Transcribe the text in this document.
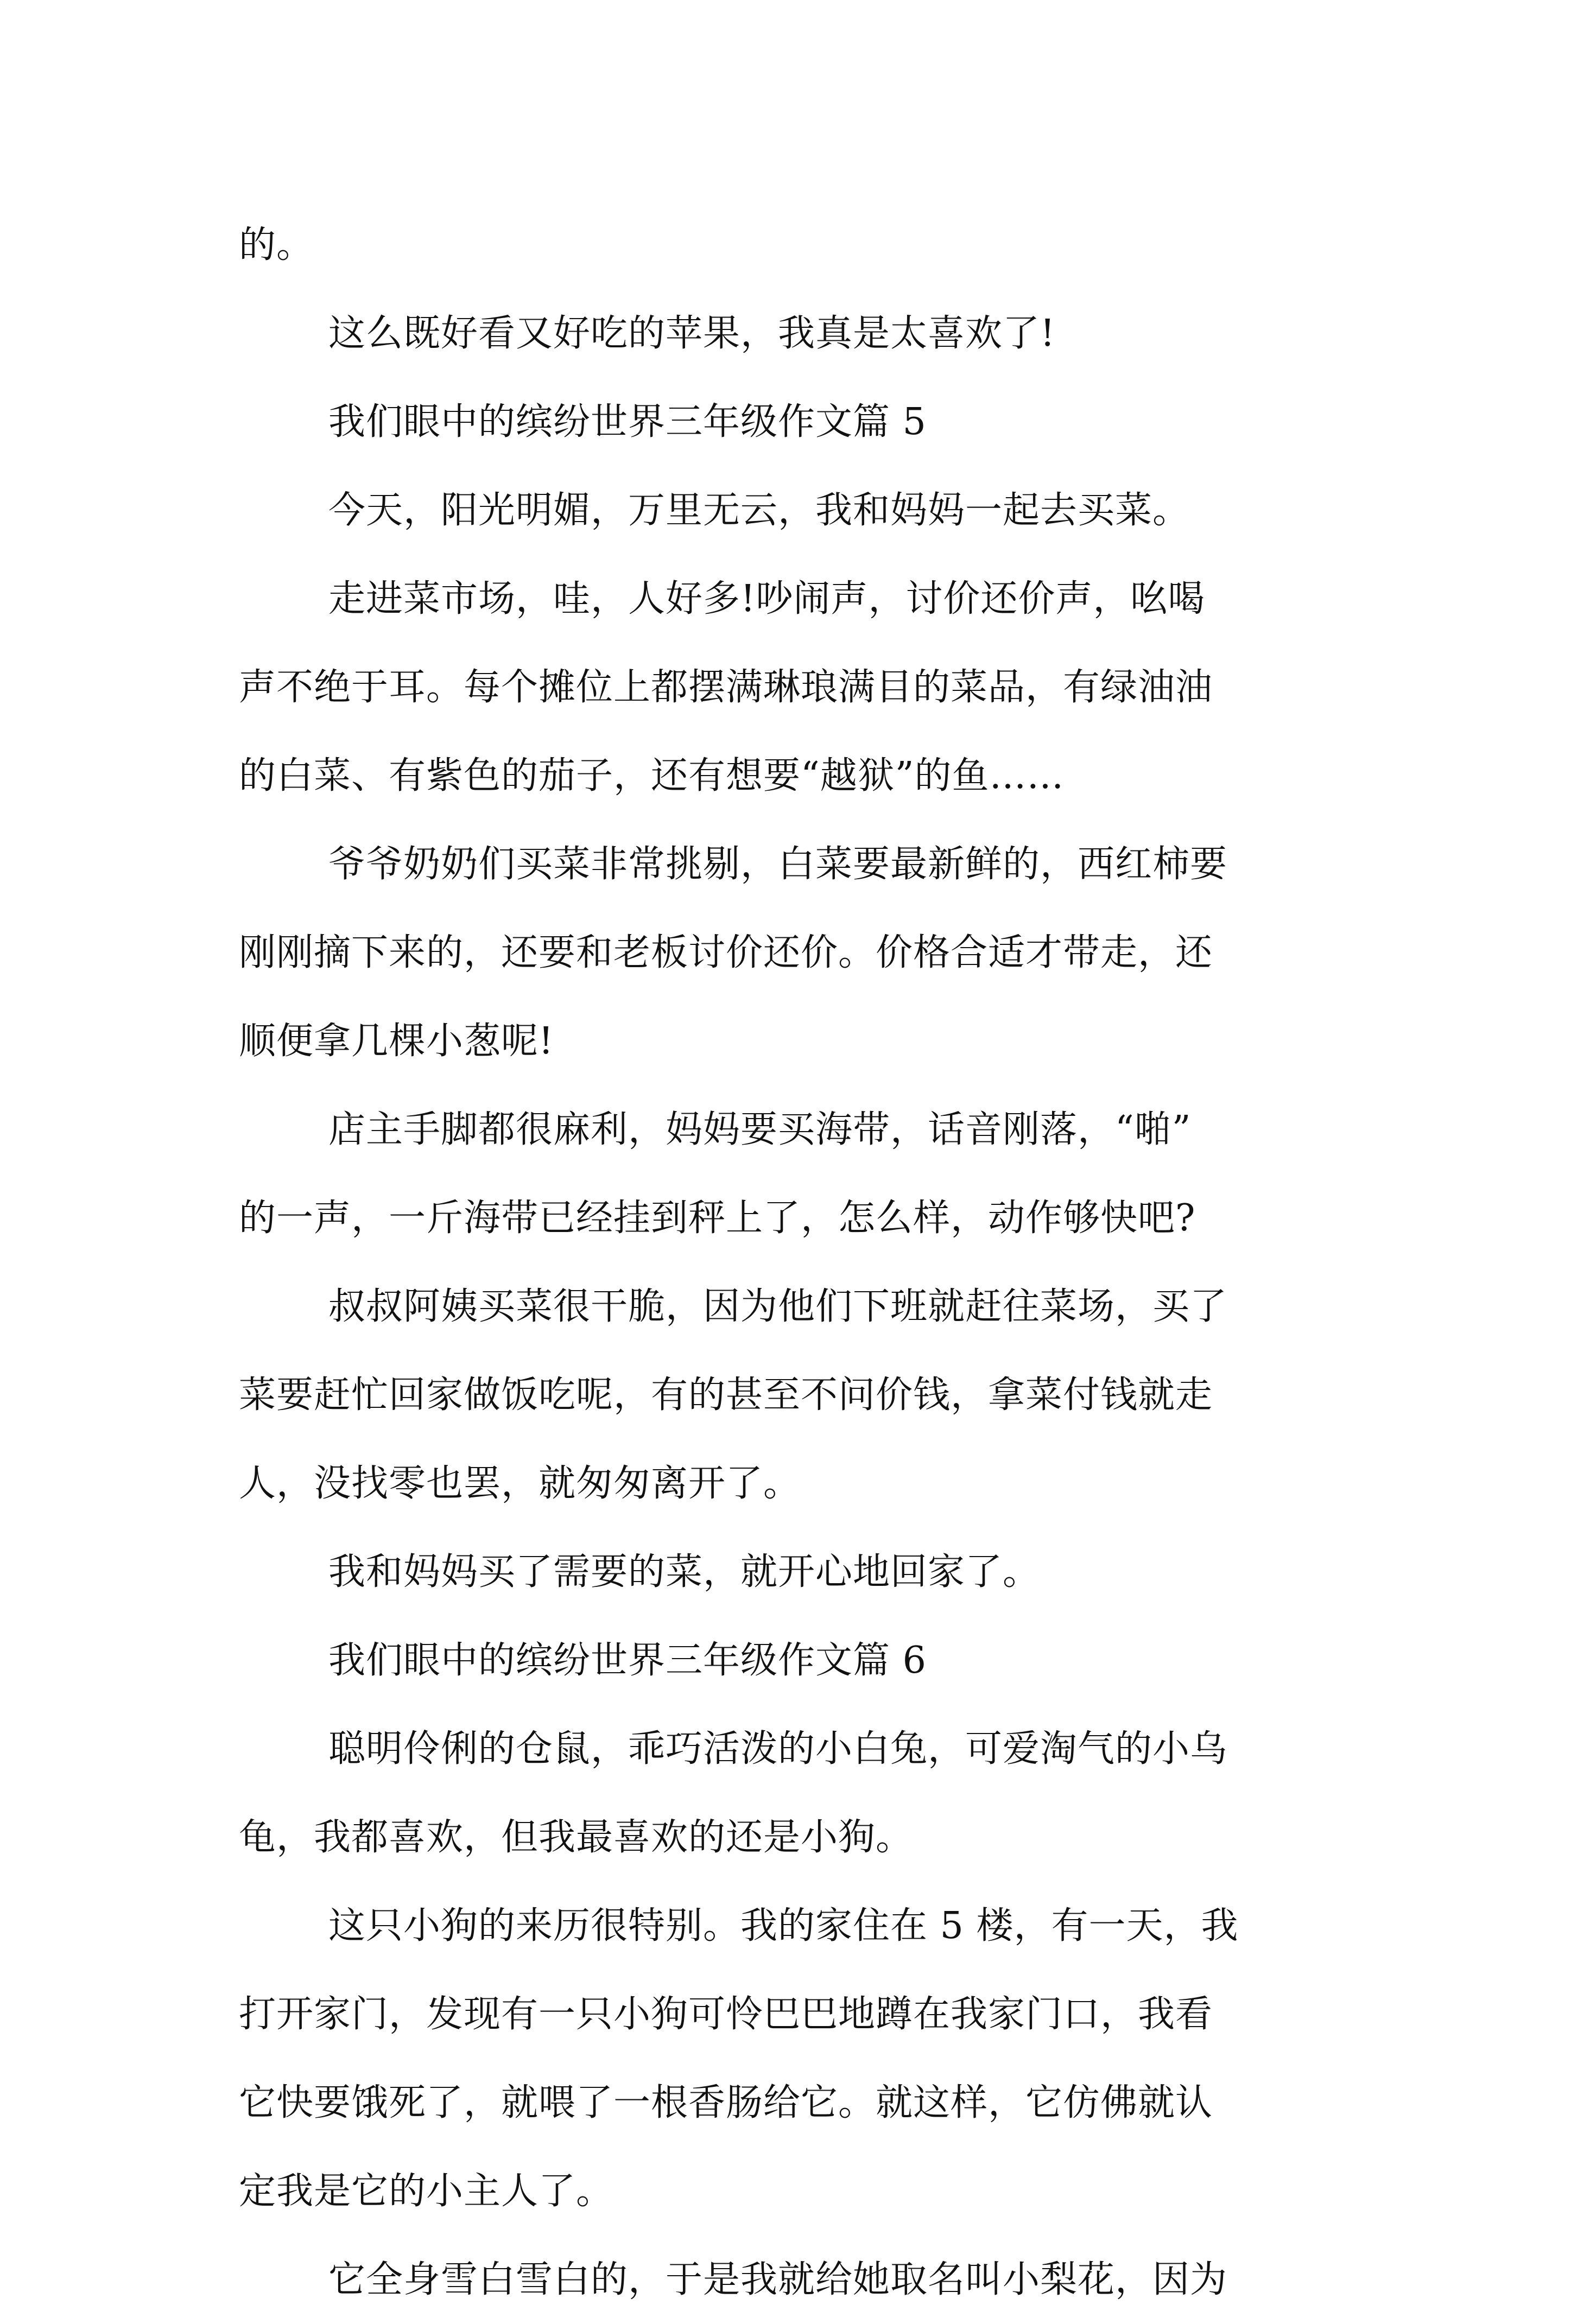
的。
这么既好看又好吃的苹果，我真是太喜欢了!
我们眼中的缤纷世界三年级作文篇 5
今天，阳光明媚，万里无云，我和妈妈一起去买菜。
走进菜市场，哇，人好多!吵闹声，讨价还价声，吆喝
声不绝于耳。每个摊位上都摆满琳琅满目的菜品，有绿油油
的白菜、有紫色的茄子，还有想要“越狱”的鱼……
爷爷奶奶们买菜非常挑剔，白菜要最新鲜的，西红柿要
刚刚摘下来的，还要和老板讨价还价。价格合适才带走，还
顺便拿几棵小葱呢!
店主手脚都很麻利，妈妈要买海带，话音刚落，“啪”
的一声，一斤海带已经挂到秤上了，怎么样，动作够快吧?
叔叔阿姨买菜很干脆，因为他们下班就赶往菜场，买了
菜要赶忙回家做饭吃呢，有的甚至不问价钱，拿菜付钱就走
人，没找零也罢，就匆匆离开了。
我和妈妈买了需要的菜，就开心地回家了。
我们眼中的缤纷世界三年级作文篇 6
聪明伶俐的仓鼠，乖巧活泼的小白兔，可爱淘气的小乌
龟，我都喜欢，但我最喜欢的还是小狗。
这只小狗的来历很特别。我的家住在 5 楼，有一天，我
打开家门，发现有一只小狗可怜巴巴地蹲在我家门口，我看
它快要饿死了，就喂了一根香肠给它。就这样，它仿佛就认
定我是它的小主人了。
它全身雪白雪白的，于是我就给她取名叫小梨花，因为
